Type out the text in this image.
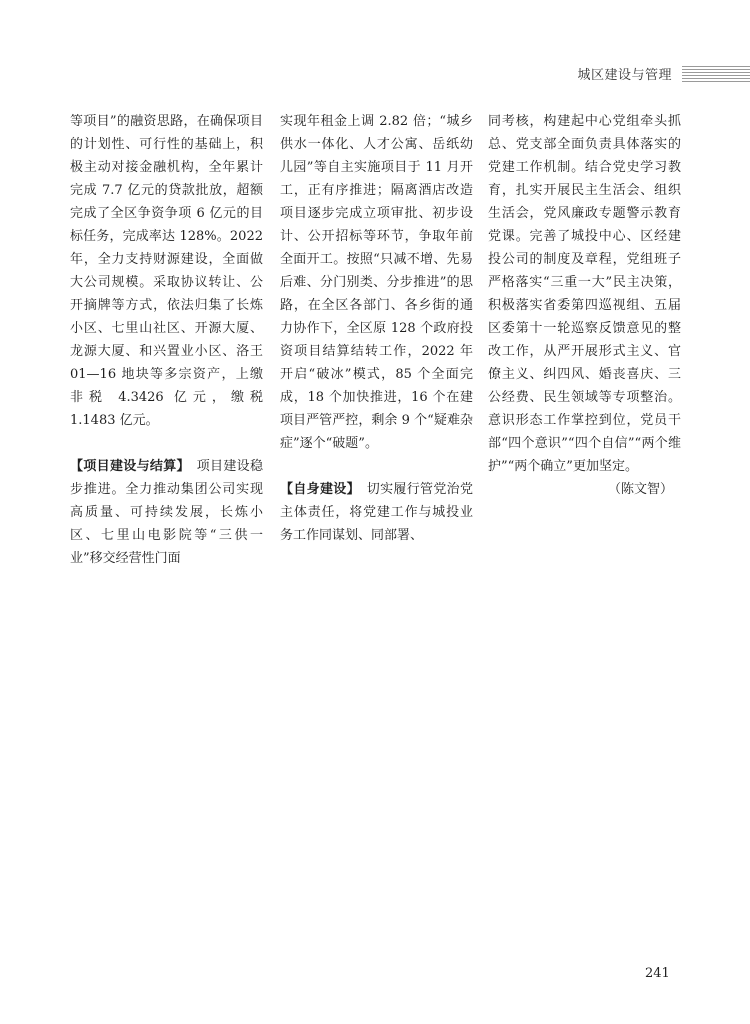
城区建设与管理

等项目”的融资思路，在确保项目的计划性、可行性的基础上，积极主动对接金融机构，全年累计完成 7.7 亿元的贷款批放，超额完成了全区争资争项 6 亿元的目标任务，完成率达 128%。2022 年，全力支持财源建设，全面做大公司规模。采取协议转让、公开摘牌等方式，依法归集了长炼小区、七里山社区、开源大厦、龙源大厦、和兴置业小区、洛王 01—16 地块等多宗资产，上缴非税 4.3426 亿元，缴税 1.1483 亿元。

【项目建设与结算】　 项目建设稳步推进。全力推动集团公司实现高质量、可持续发展，长炼小区、七里山电影院等“三供一业”移交经营性门面

实现年租金上调 2.82 倍；“城乡供水一体化、人才公寓、岳纸幼儿园”等自主实施项目于 11 月开工，正有序推进；隔离酒店改造项目逐步完成立项审批、初步设计、公开招标等环节，争取年前全面开工。按照“只减不增、先易后难、分门别类、分步推进”的思路，在全区各部门、各乡街的通力协作下，全区原 128 个政府投资项目结算结转工作，2022 年开启“破冰”模式，85 个全面完成，18 个加快推进，16 个在建项目严管严控，剩余 9 个“疑难杂症”逐个“破题”。

【自身建设】　 切实履行管党治党主体责任，将党建工作与城投业务工作同谋划、同部署、

同考核，构建起中心党组牵头抓总、党支部全面负责具体落实的党建工作机制。结合党史学习教育，扎实开展民主生活会、组织生活会，党风廉政专题警示教育党课。完善了城投中心、区经建投公司的制度及章程，党组班子严格落实“三重一大”民主决策，积极落实省委第四巡视组、五届区委第十一轮巡察反馈意见的整改工作，从严开展形式主义、官僚主义、纠四风、婚丧喜庆、三公经费、民生领域等专项整治。意识形态工作掌控到位，党员干部“四个意识”“四个自信”“两个维护”“两个确立”更加坚定。

（陈文智）

241
